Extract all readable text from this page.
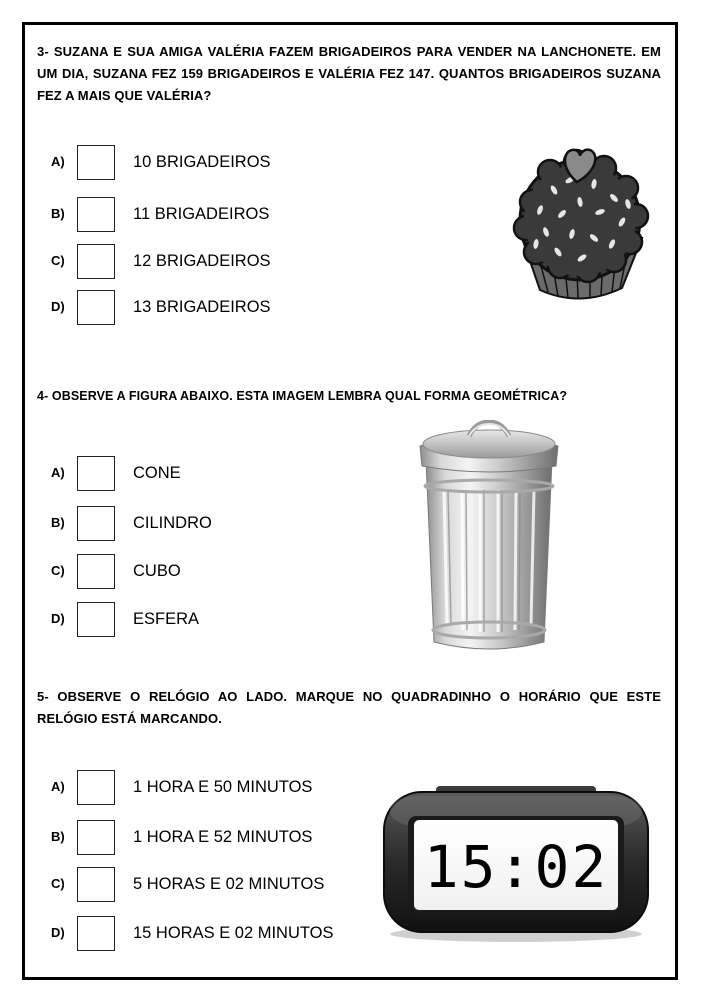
3- SUZANA E SUA AMIGA VALÉRIA FAZEM BRIGADEIROS PARA VENDER NA LANCHONETE. EM UM DIA, SUZANA FEZ 159 BRIGADEIROS E VALÉRIA FEZ 147. QUANTOS BRIGADEIROS SUZANA FEZ A MAIS QUE VALÉRIA?
A)	10 BRIGADEIROS
B)	11 BRIGADEIROS
C)	12 BRIGADEIROS
D)	13 BRIGADEIROS
4- OBSERVE A FIGURA ABAIXO. ESTA IMAGEM LEMBRA QUAL FORMA GEOMÉTRICA?
A)	CONE
B)	CILINDRO
C)	CUBO
D)	ESFERA
5- OBSERVE O RELÓGIO AO LADO. MARQUE NO QUADRADINHO O HORÁRIO QUE ESTE RELÓGIO ESTÁ MARCANDO.
A)	1 HORA E 50 MINUTOS
B)	1 HORA E 52 MINUTOS
C)	5 HORAS E 02 MINUTOS
D)	15 HORAS E 02 MINUTOS
15:02
